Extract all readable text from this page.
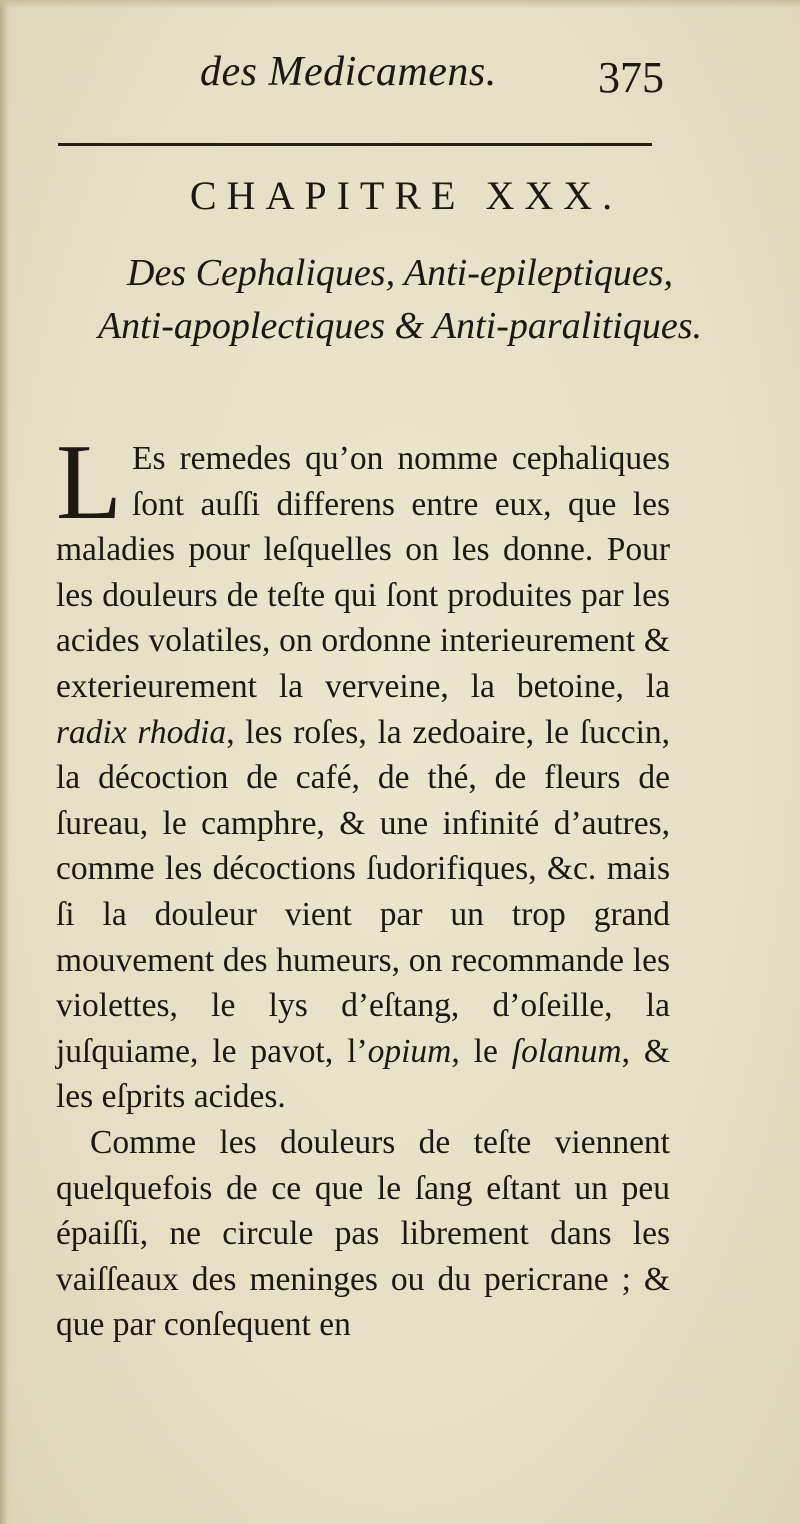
des Medicamens. 375
CHAPITRE XXX.
Des Cephaliques, Anti-epileptiques, Anti-apoplectiques & Anti-paralitiques.

L Es remedes qu’on nomme cephaliques ſont auſſi differens entre eux, que les maladies pour leſquelles on les donne. Pour les douleurs de teſte qui ſont produites par les acides volatiles, on ordonne interieurement & exterieurement la verveine, la betoine, la radix rhodia, les roſes, la zedoaire, le ſuccin, la décoction de café, de thé, de fleurs de ſureau, le camphre, & une infinité d’autres, comme les décoctions ſudorifiques, &c. mais ſi la douleur vient par un trop grand mouvement des humeurs, on recommande les violettes, le lys d’eſtang, d’oſeille, la juſquiame, le pavot, l’opium, le ſolanum, & les eſprits acides.

Comme les douleurs de teſte viennent quelquefois de ce que le ſang eſtant un peu épaiſſi, ne circule pas librement dans les vaiſſeaux des meninges ou du pericrane ; & que par conſequent en
